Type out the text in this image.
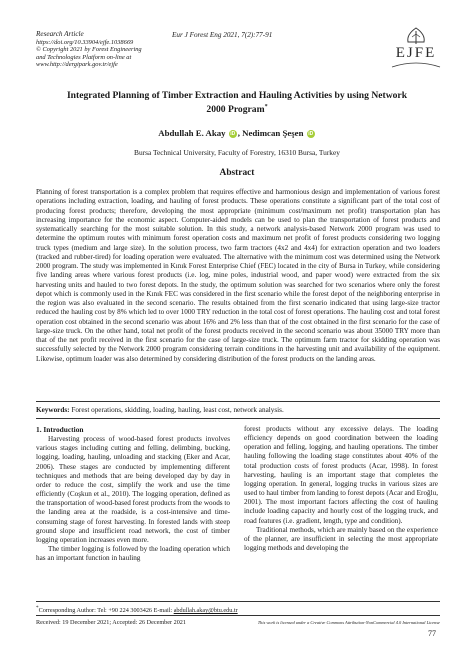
Research Article
https://doi.org/10.33904/ejfe.1038669
© Copyright 2021 by Forest Engineering
and Technologies Platform on-line at
www.http://dergipark.gov.tr/ejfe
Eur J Forest Eng 2021, 7(2):77-91
EJFE
Integrated Planning of Timber Extraction and Hauling Activities by using Network
2000 Program*
Abdullah E. Akay iD , Nedimcan Şeşen iD
Bursa Technical University, Faculty of Forestry, 16310 Bursa, Turkey
Abstract
Planning of forest transportation is a complex problem that requires effective and harmonious design and implementation of various forest operations including extraction, loading, and hauling of forest products. These operations constitute a significant part of the total cost of producing forest products; therefore, developing the most appropriate (minimum cost/maximum net profit) transportation plan has increasing importance for the economic aspect. Computer-aided models can be used to plan the transportation of forest products and systematically searching for the most suitable solution. In this study, a network analysis-based Network 2000 program was used to determine the optimum routes with minimum forest operation costs and maximum net profit of forest products considering two logging truck types (medium and large size). In the solution process, two farm tractors (4x2 and 4x4) for extraction operation and two loaders (tracked and rubber-tired) for loading operation were evaluated. The alternative with the minimum cost was determined using the Network 2000 program. The study was implemented in Kınık Forest Enterprise Chief (FEC) located in the city of Bursa in Turkey, while considering five landing areas where various forest products (i.e. log, mine poles, industrial wood, and paper wood) were extracted from the six harvesting units and hauled to two forest depots. In the study, the optimum solution was searched for two scenarios where only the forest depot which is commonly used in the Kınık FEC was considered in the first scenario while the forest depot of the neighboring enterprise in the region was also evaluated in the second scenario. The results obtained from the first scenario indicated that using large-size tractor reduced the hauling cost by 8% which led to over 1000 TRY reduction in the total cost of forest operations. The hauling cost and total forest operation cost obtained in the second scenario was about 16% and 2% less than that of the cost obtained in the first scenario for the case of large-size truck. On the other hand, total net profit of the forest products received in the second scenario was about 35000 TRY more than that of the net profit received in the first scenario for the case of large-size truck. The optimum farm tractor for skidding operation was successfully selected by the Network 2000 program considering terrain conditions in the harvesting unit and availability of the equipment. Likewise, optimum loader was also determined by considering distribution of the forest products on the landing areas.
Keywords: Forest operations, skidding, loading, hauling, least cost, network analysis.
1. Introduction

Harvesting process of wood-based forest products involves various stages including cutting and felling, delimbing, bucking, logging, loading, hauling, unloading and stacking (Eker and Acar, 2006). These stages are conducted by implementing different techniques and methods that are being developed day by day in order to reduce the cost, simplify the work and use the time efficiently (Coşkun et al., 2010). The logging operation, defined as the transportation of wood-based forest products from the woods to the landing area at the roadside, is a cost-intensive and time-consuming stage of forest harvesting. In forested lands with steep ground slope and insufficient road network, the cost of timber logging operation increases even more.

The timber logging is followed by the loading operation which has an important function in hauling

forest products without any excessive delays. The loading efficiency depends on good coordination between the loading operation and felling, logging, and hauling operations. The timber hauling following the loading stage constitutes about 40% of the total production costs of forest products (Acar, 1998). In forest harvesting, hauling is an important stage that completes the logging operation. In general, logging trucks in various sizes are used to haul timber from landing to forest depots (Acar and Eroğlu, 2001). The most important factors affecting the cost of hauling include loading capacity and hourly cost of the logging truck, and road features (i.e. gradient, length, type and condition).

Traditional methods, which are mainly based on the experience of the planner, are insufficient in selecting the most appropriate logging methods and developing the

*Corresponding Author: Tel: +90 224 3003426 E-mail: abdullah.akay@btu.edu.tr
Received: 19 December 2021; Accepted: 26 December 2021	This work is licensed under a Creative Commons Attribution-NonCommercial 4.0 International License
77
